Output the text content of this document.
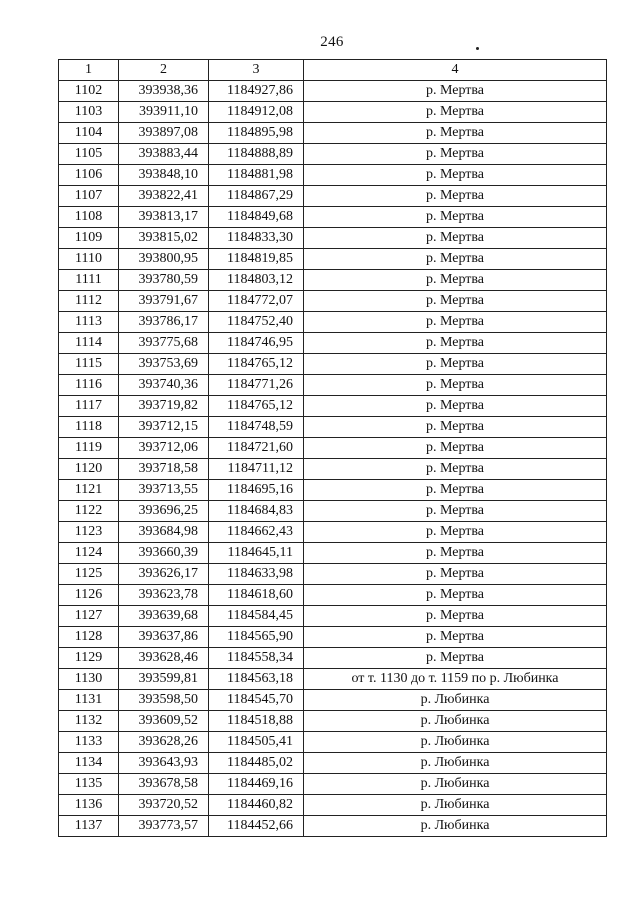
246
1	2	3	4
1102	393938,36	1184927,86	р. Мертва
1103	393911,10	1184912,08	р. Мертва
1104	393897,08	1184895,98	р. Мертва
1105	393883,44	1184888,89	р. Мертва
1106	393848,10	1184881,98	р. Мертва
1107	393822,41	1184867,29	р. Мертва
1108	393813,17	1184849,68	р. Мертва
1109	393815,02	1184833,30	р. Мертва
1110	393800,95	1184819,85	р. Мертва
1111	393780,59	1184803,12	р. Мертва
1112	393791,67	1184772,07	р. Мертва
1113	393786,17	1184752,40	р. Мертва
1114	393775,68	1184746,95	р. Мертва
1115	393753,69	1184765,12	р. Мертва
1116	393740,36	1184771,26	р. Мертва
1117	393719,82	1184765,12	р. Мертва
1118	393712,15	1184748,59	р. Мертва
1119	393712,06	1184721,60	р. Мертва
1120	393718,58	1184711,12	р. Мертва
1121	393713,55	1184695,16	р. Мертва
1122	393696,25	1184684,83	р. Мертва
1123	393684,98	1184662,43	р. Мертва
1124	393660,39	1184645,11	р. Мертва
1125	393626,17	1184633,98	р. Мертва
1126	393623,78	1184618,60	р. Мертва
1127	393639,68	1184584,45	р. Мертва
1128	393637,86	1184565,90	р. Мертва
1129	393628,46	1184558,34	р. Мертва
1130	393599,81	1184563,18	от т. 1130 до т. 1159 по р. Любинка
1131	393598,50	1184545,70	р. Любинка
1132	393609,52	1184518,88	р. Любинка
1133	393628,26	1184505,41	р. Любинка
1134	393643,93	1184485,02	р. Любинка
1135	393678,58	1184469,16	р. Любинка
1136	393720,52	1184460,82	р. Любинка
1137	393773,57	1184452,66	р. Любинка
